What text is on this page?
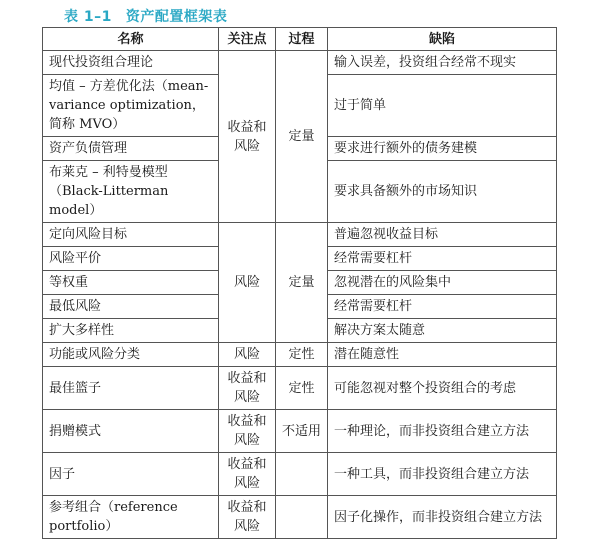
表 1–1 资产配置框架表
名称	关注点	过程	缺陷
现代投资组合理论	收益和风险	定量	输入误差，投资组合经常不现实
均值 – 方差优化法（mean-variance optimization，简称 MVO）			过于简单
资产负债管理			要求进行额外的债务建模
布莱克 – 利特曼模型（Black-Litterman model）			要求具备额外的市场知识
定向风险目标	风险	定量	普遍忽视收益目标
风险平价			经常需要杠杆
等权重			忽视潜在的风险集中
最低风险			经常需要杠杆
扩大多样性			解决方案太随意
功能或风险分类	风险	定性	潜在随意性
最佳篮子	收益和风险	定性	可能忽视对整个投资组合的考虑
捐赠模式	收益和风险	不适用	一种理论，而非投资组合建立方法
因子	收益和风险		一种工具，而非投资组合建立方法
参考组合（reference portfolio）	收益和风险		因子化操作，而非投资组合建立方法
